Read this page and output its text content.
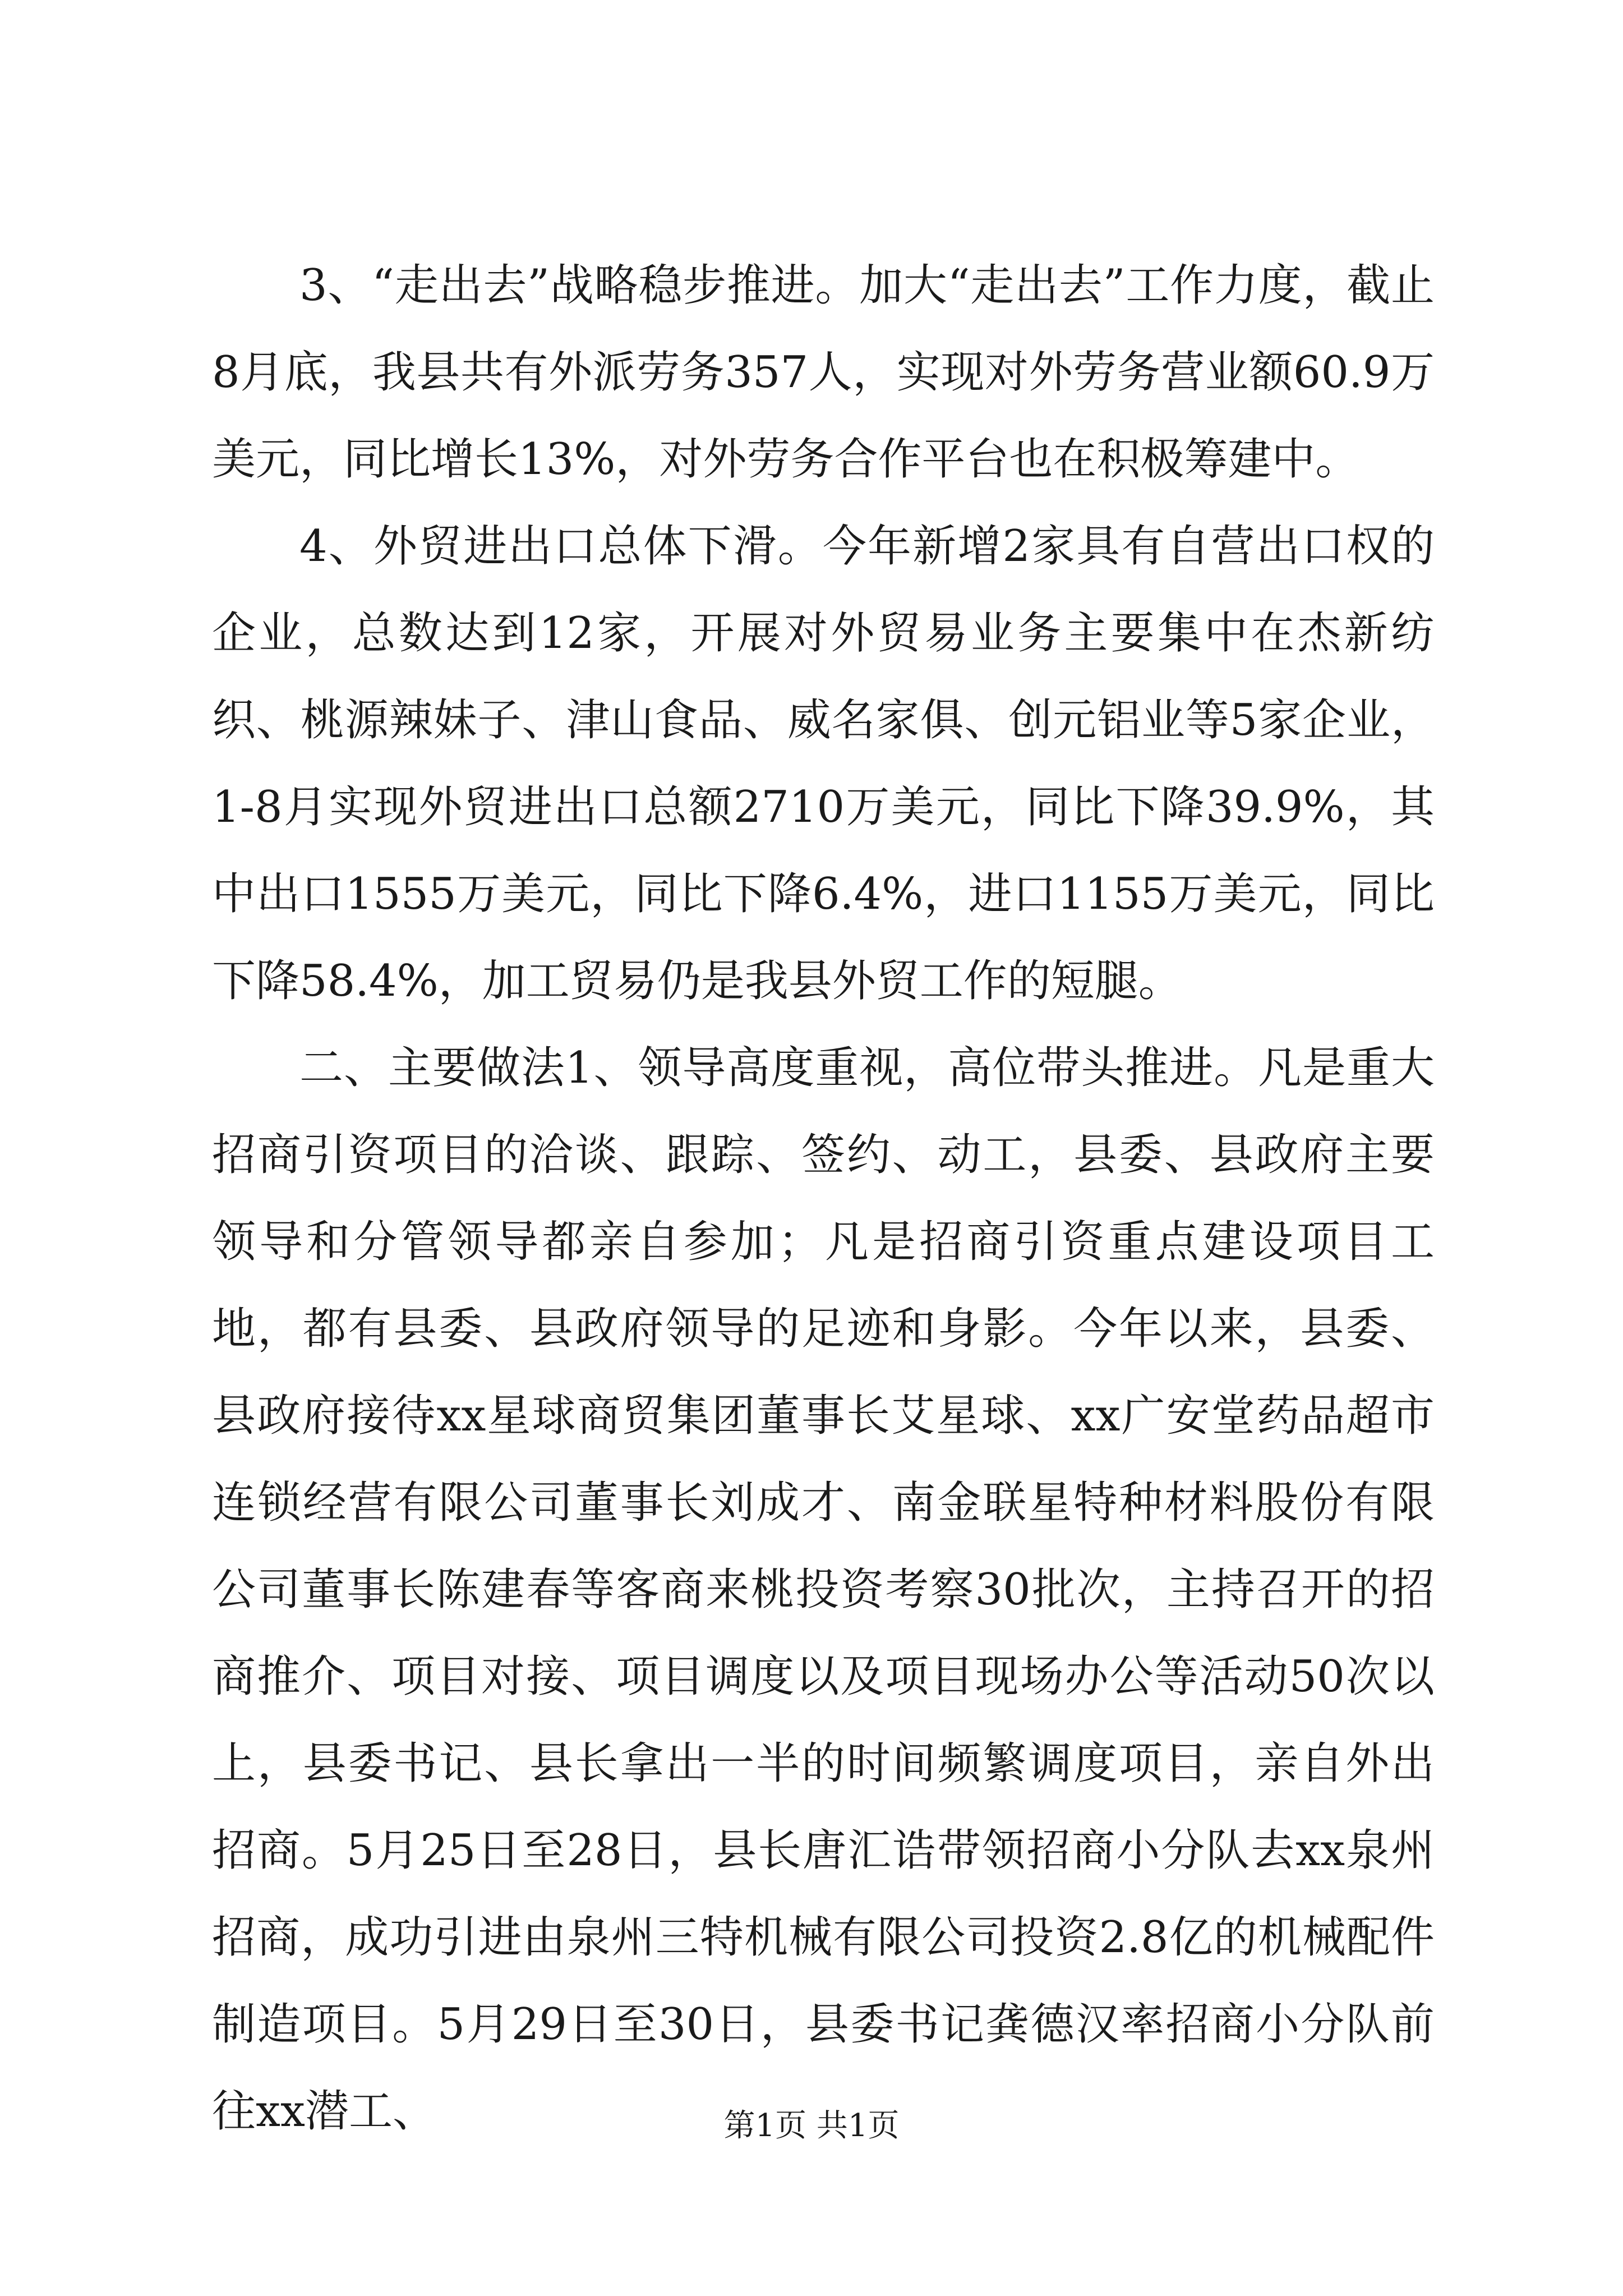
3、“走出去”战略稳步推进。加大“走出去”工作力度，截止8月底，我县共有外派劳务357人，实现对外劳务营业额60.9万美元，同比增长13%，对外劳务合作平台也在积极筹建中。

4、外贸进出口总体下滑。今年新增2家具有自营出口权的企业，总数达到12家，开展对外贸易业务主要集中在杰新纺织、桃源辣妹子、津山食品、威名家俱、创元铝业等5家企业，1-8月实现外贸进出口总额2710万美元，同比下降39.9%，其中出口1555万美元，同比下降6.4%，进口1155万美元，同比下降58.4%，加工贸易仍是我县外贸工作的短腿。

二、主要做法1、领导高度重视，高位带头推进。凡是重大招商引资项目的洽谈、跟踪、签约、动工，县委、县政府主要领导和分管领导都亲自参加；凡是招商引资重点建设项目工地，都有县委、县政府领导的足迹和身影。今年以来，县委、县政府接待xx星球商贸集团董事长艾星球、xx广安堂药品超市连锁经营有限公司董事长刘成才、南金联星特种材料股份有限公司董事长陈建春等客商来桃投资考察30批次，主持召开的招商推介、项目对接、项目调度以及项目现场办公等活动50次以上，县委书记、县长拿出一半的时间频繁调度项目，亲自外出招商。5月25日至28日，县长唐汇诰带领招商小分队去xx泉州招商，成功引进由泉州三特机械有限公司投资2.8亿的机械配件制造项目。5月29日至30日，县委书记龚德汉率招商小分队前往xx潜工、	第1页 共1页
